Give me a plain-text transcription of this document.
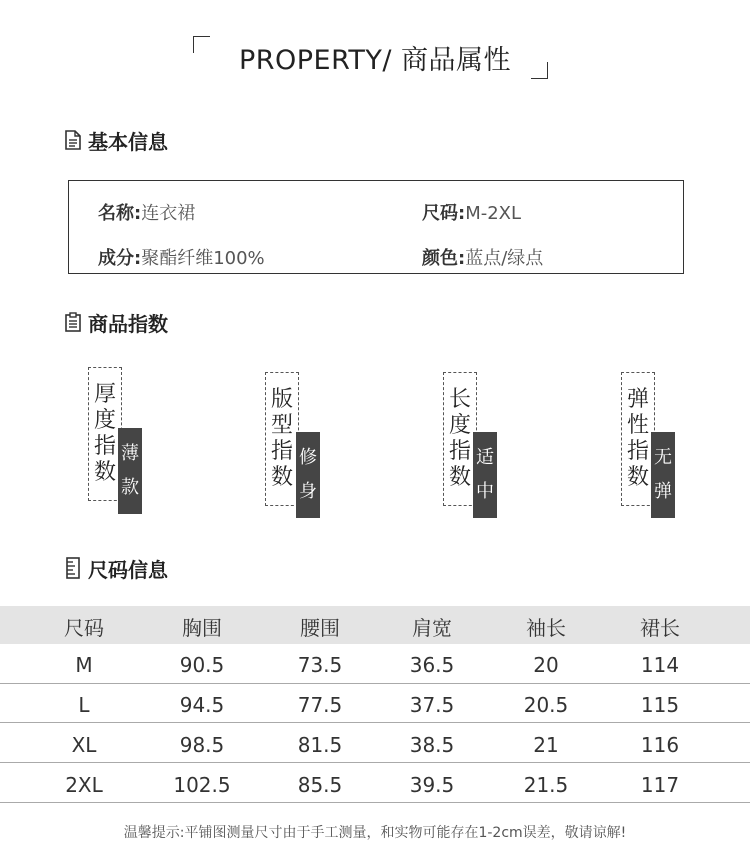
PROPERTY/ 商品属性
基本信息
名称:连衣裙	尺码:M-2XL
成分:聚酯纤维100%	颜色:蓝点/绿点
商品指数
厚
度
指
数
薄
款
版
型
指
数
修
身
长
度
指
数
适
中
弹
性
指
数
无
弹
尺码信息
尺码	胸围	腰围	肩宽	袖长	裙长
M	90.5	73.5	36.5	20	114
L	94.5	77.5	37.5	20.5	115
XL	98.5	81.5	38.5	21	116
2XL	102.5	85.5	39.5	21.5	117
温馨提示:平铺图测量尺寸由于手工测量，和实物可能存在1-2cm误差，敬请谅解!
